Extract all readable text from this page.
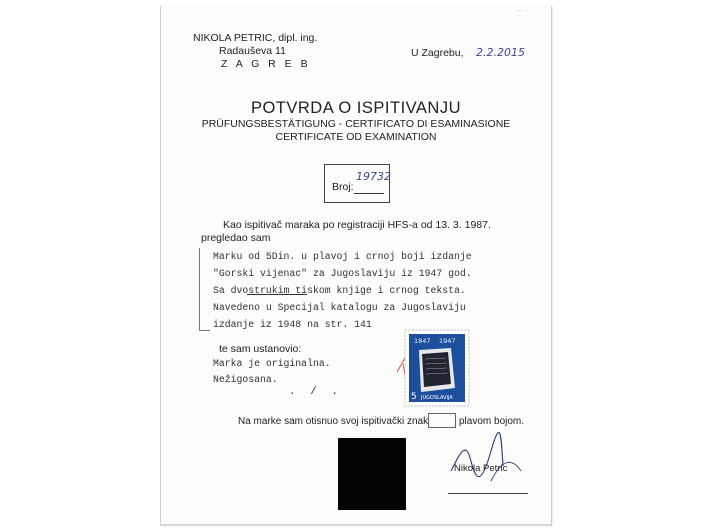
~ ~
NIKOLA PETRIC, dipl. ing.
Radauševa 11
Z A G R E B
U Zagrebu, 2.2.2015
POTVRDA O ISPITIVANJU
PRÜFUNGSBESTÄTIGUNG - CERTIFICATO DI ESAMINASIONE
CERTIFICATE OD EXAMINATION
Broj:
19732
Kao ispitivač maraka po registraciji HFS-a od 13. 3. 1987.
pregledao sam
Marku od 5Din. u plavoj i crnoj boji izdanje
"Gorski vijenac" za Jugoslaviju iz 1947 god.
Sa dvostrukim tiskom knjige i crnog teksta.
Navedeno u Specijal katalogu za Jugoslaviju
izdanje iz 1948 na str. 141
te sam ustanovio:
Marka je originalna.
Nežigosana.
. / .
1847 1947
5 JUGOSLAVIJA
Na marke sam otisnuo svoj ispitivački znak	plavom bojom.
Nikola Petric
